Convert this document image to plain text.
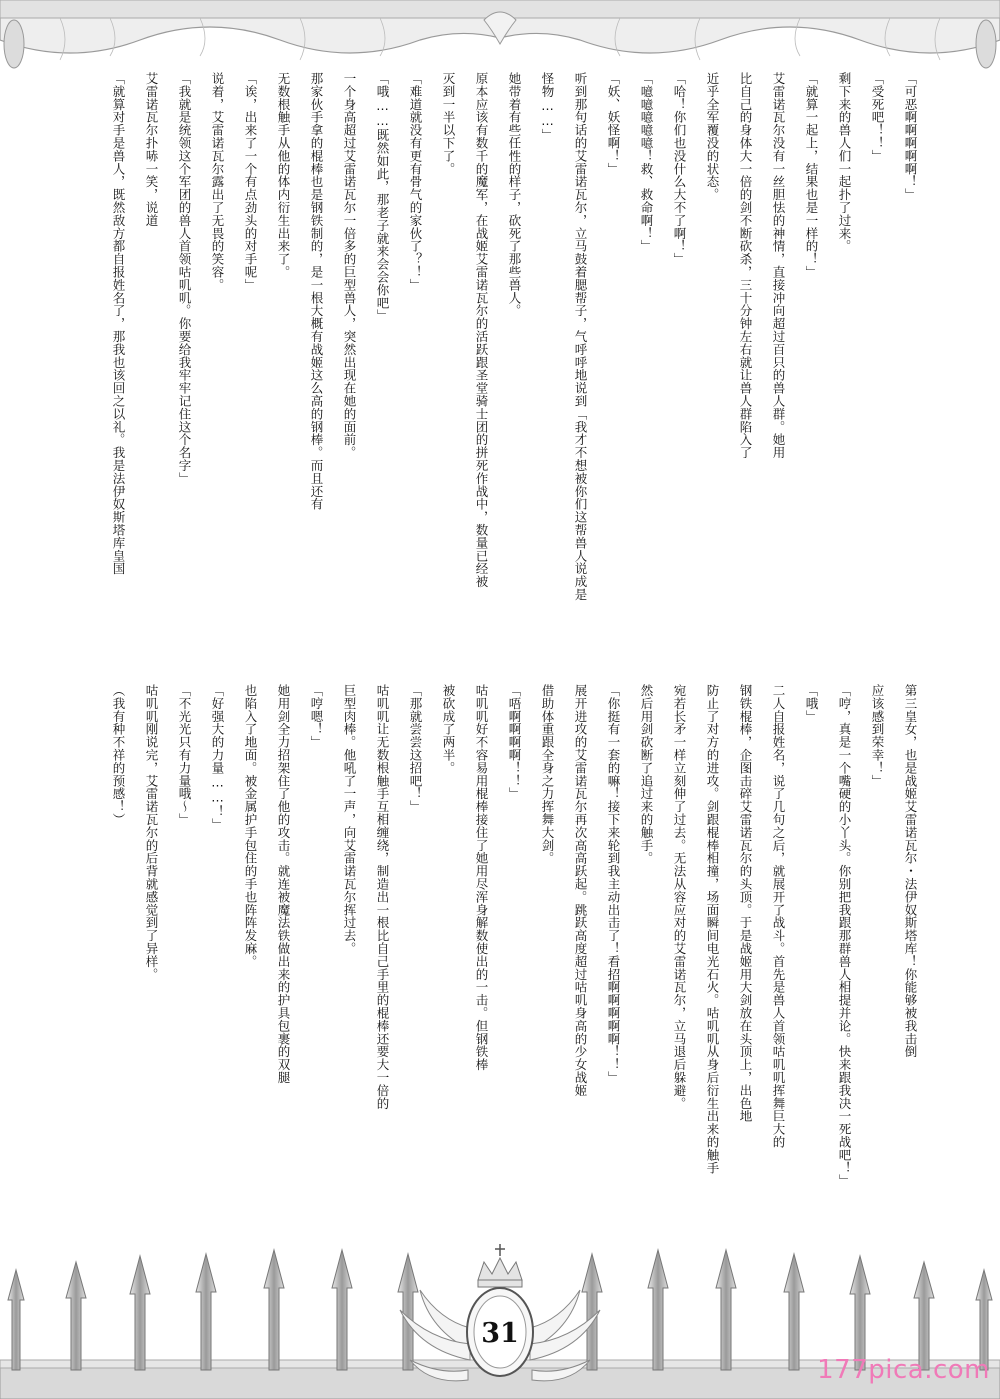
「可恶啊啊啊啊啊！」
「受死吧！！」
剩下来的兽人们一起扑了过来。
「就算一起上，结果也是一样的！」
艾雷诺瓦尔没有一丝胆怯的神情，直接冲向超过百只的兽人群。她用
比自己的身体大一倍的剑不断砍杀，三十分钟左右就让兽人群陷入了
近乎全军覆没的状态。
「哈！你们也没什么大不了啊！」
「噫噫噫噫噫！救、救命啊！」
「妖、妖怪啊！」
听到那句话的艾雷诺瓦尔，立马鼓着腮帮子，气呼呼地说到「我才不想被你们这帮兽人说成是
怪物……」
她带着有些任性的样子，砍死了那些兽人。
原本应该有数千的魔军，在战姬艾雷诺瓦尔的活跃跟圣堂骑士团的拼死作战中，数量已经被
灭到一半以下了。
「难道就没有更有骨气的家伙了？！」
「哦……既然如此，那老子就来会会你吧」
一个身高超过艾雷诺瓦尔一倍多的巨型兽人，突然出现在她的面前。
那家伙手拿的棍棒也是钢铁制的，是一根大概有战姬这么高的钢棒。而且还有
无数根触手从他的体内衍生出来了。
「诶，出来了一个有点劲头的对手呢」
说着，艾雷诺瓦尔露出了无畏的笑容。
「我就是统领这个军团的兽人首领咕叽叽。你要给我牢牢记住这个名字」
艾雷诺瓦尔扑哧一笑，说道
「就算对手是兽人，既然敌方都自报姓名了，那我也该回之以礼。我是法伊奴斯塔库皇国
第三皇女，也是战姬艾雷诺瓦尔・法伊奴斯塔库！你能够被我击倒
应该感到荣幸！」
「哼，真是一个嘴硬的小丫头。你别把我跟那群兽人相提并论。快来跟我决一死战吧！」
「哦」
二人自报姓名，说了几句之后，就展开了战斗。首先是兽人首领咕叽叽挥舞巨大的
钢铁棍棒，企图击碎艾雷诺瓦尔的头顶。于是战姬用大剑放在头顶上，出色地
防止了对方的进攻。剑跟棍棒相撞，场面瞬间电光石火。咕叽叽从身后衍生出来的触手
宛若长矛一样立刻伸了过去。无法从容应对的艾雷诺瓦尔，立马退后躲避。
然后用剑砍断了追过来的触手。
「你挺有一套的嘛！接下来轮到我主动出击了！看招啊啊啊啊啊！！」
展开进攻的艾雷诺瓦尔再次高高跃起。跳跃高度超过咕叽身高的少女战姬
借助体重跟全身之力挥舞大剑。
「唔啊啊啊啊！！」
咕叽叽好不容易用棍棒接住了她用尽浑身解数使出的一击。但钢铁棒
被砍成了两半。
「那就尝尝这招吧！」
咕叽叽让无数根触手互相缠绕，制造出一根比自己手里的棍棒还要大一倍的
巨型肉棒。他吼了一声，向艾雷诺瓦尔挥过去。
「哼嗯！」
她用剑全力招架住了他的攻击。就连被魔法铁做出来的护具包裹的双腿
也陷入了地面。被金属护手包住的手也阵阵发麻。
「好强大的力量……！」
「不光光只有力量哦～」
咕叽叽刚说完，艾雷诺瓦尔的后背就感觉到了异样。
（我有种不祥的预感！）
31
177pica.com
